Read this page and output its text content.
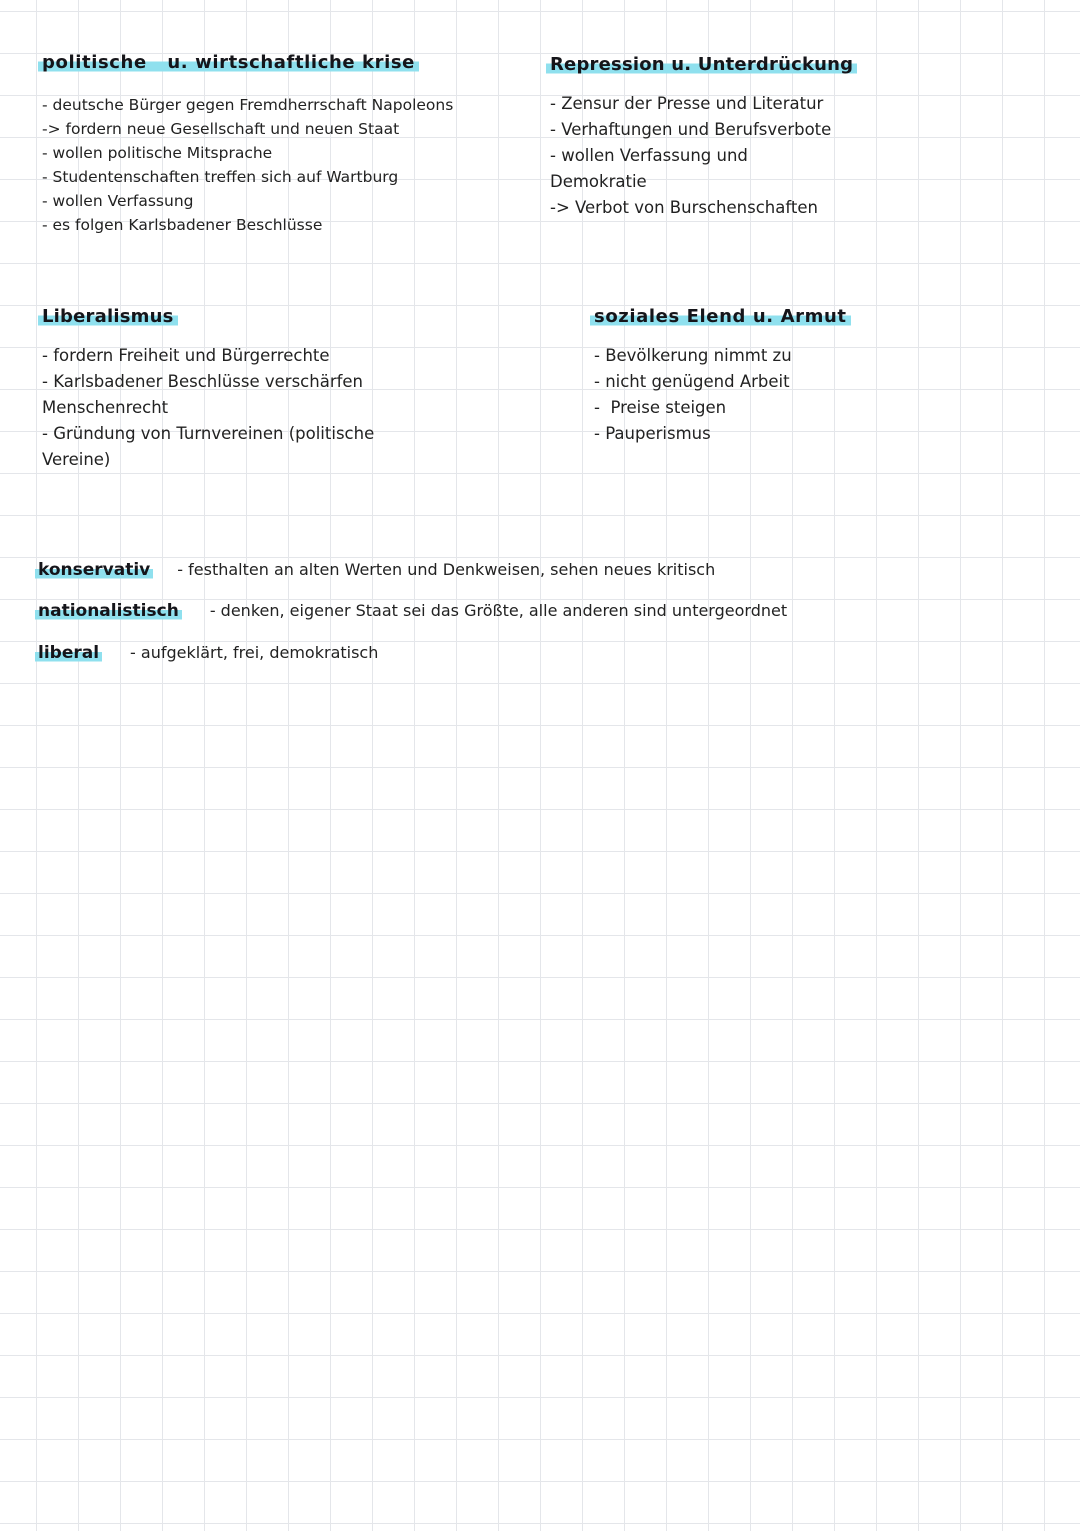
politische   u. wirtschaftliche krise
- deutsche Bürger gegen Fremdherrschaft Napoleons
-> fordern neue Gesellschaft und neuen Staat
- wollen politische Mitsprache
- Studentenschaften treffen sich auf Wartburg
- wollen Verfassung
- es folgen Karlsbadener Beschlüsse
Repression u. Unterdrückung
- Zensur der Presse und Literatur
- Verhaftungen und Berufsverbote
- wollen Verfassung und
Demokratie
-> Verbot von Burschenschaften
Liberalismus
- fordern Freiheit und Bürgerrechte
- Karlsbadener Beschlüsse verschärfen
Menschenrecht
- Gründung von Turnvereinen (politische
Vereine)
soziales Elend u. Armut
- Bevölkerung nimmt zu
- nicht genügend Arbeit
-  Preise steigen
- Pauperismus
konservativ - festhalten an alten Werten und Denkweisen, sehen neues kritisch
nationalistisch - denken, eigener Staat sei das Größte, alle anderen sind untergeordnet
liberal - aufgeklärt, frei, demokratisch
